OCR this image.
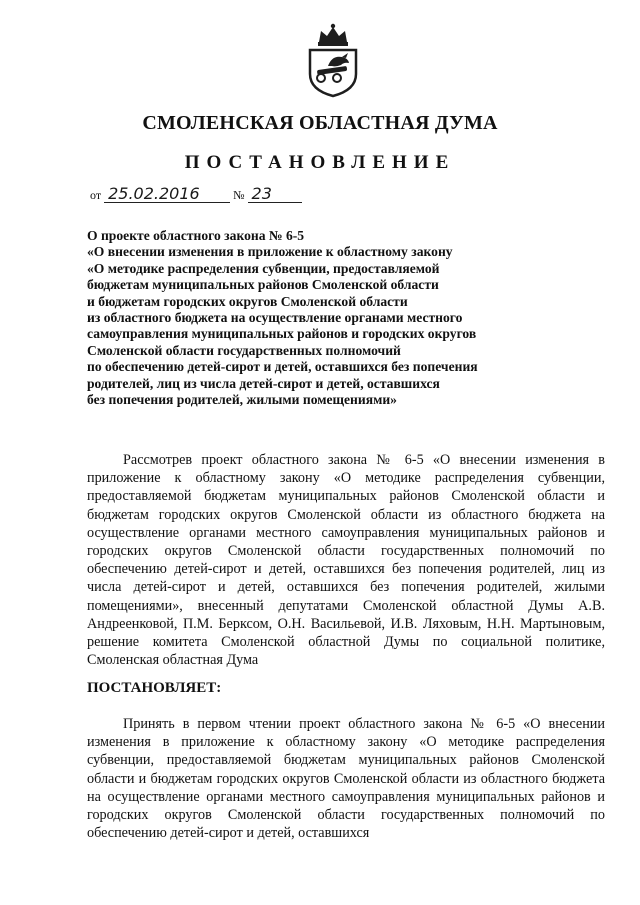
СМОЛЕНСКАЯ ОБЛАСТНАЯ ДУМА
ПОСТАНОВЛЕНИЕ
от 25.02.2016	№ 23
О проекте областного закона № 6-5
«О внесении изменения в приложение к областному закону
«О методике распределения субвенции, предоставляемой
бюджетам муниципальных районов Смоленской области
и бюджетам городских округов Смоленской области
из областного бюджета на осуществление органами местного
самоуправления муниципальных районов и городских округов
Смоленской области государственных полномочий
по обеспечению детей-сирот и детей, оставшихся без попечения
родителей, лиц из числа детей-сирот и детей, оставшихся
без попечения родителей, жилыми помещениями»

Рассмотрев проект областного закона № 6-5 «О внесении изменения в приложение к областному закону «О методике распределения субвенции, предоставляемой бюджетам муниципальных районов Смоленской области и бюджетам городских округов Смоленской области из областного бюджета на осуществление органами местного самоуправления муниципальных районов и городских округов Смоленской области государственных полномочий по обеспечению детей-сирот и детей, оставшихся без попечения родителей, лиц из числа детей-сирот и детей, оставшихся без попечения родителей, жилыми помещениями», внесенный депутатами Смоленской областной Думы А.В. Андреенковой, П.М. Берксом, О.Н. Васильевой, И.В. Ляховым, Н.Н. Мартыновым, решение комитета Смоленской областной Думы по социальной политике, Смоленская областная Дума

ПОСТАНОВЛЯЕТ:

Принять в первом чтении проект областного закона № 6-5 «О внесении изменения в приложение к областному закону «О методике распределения субвенции, предоставляемой бюджетам муниципальных районов Смоленской области и бюджетам городских округов Смоленской области из областного бюджета на осуществление органами местного самоуправления муниципальных районов и городских округов Смоленской области государственных полномочий по обеспечению детей-сирот и детей, оставшихся
